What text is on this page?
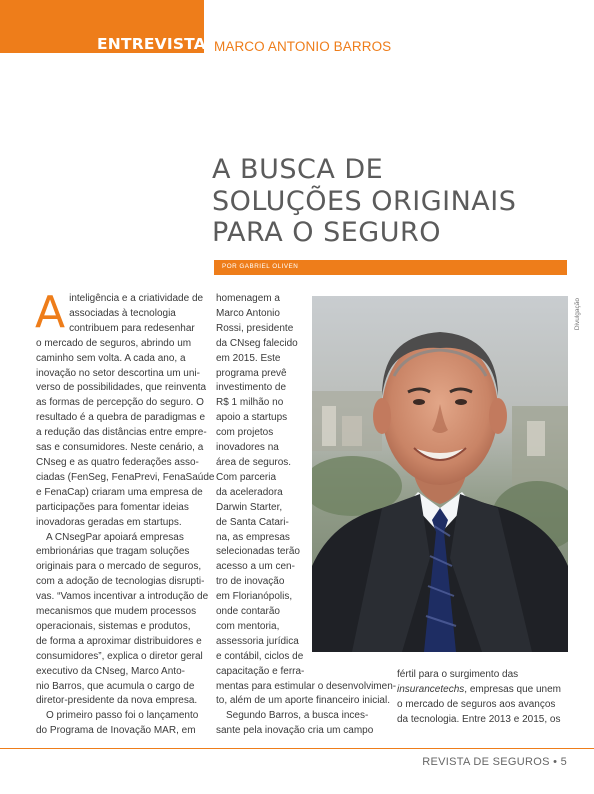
ENTREVISTA MARCO ANTONIO BARROS
A BUSCA DE
SOLUÇÕES ORIGINAIS
PARA O SEGURO
POR GABRIEL OLIVEN

A inteligência e a criatividade de associadas à tecnologia
contribuem para redesenhar
o mercado de seguros, abrindo um
caminho sem volta. A cada ano, a
inovação no setor descortina um uni-
verso de possibilidades, que reinventa
as formas de percepção do seguro. O
resultado é a quebra de paradigmas e
a redução das distâncias entre empre-
sas e consumidores. Neste cenário, a
CNseg e as quatro federações asso-
ciadas (FenSeg, FenaPrevi, FenaSaúde
e FenaCap) criaram uma empresa de
participações para fomentar ideias
inovadoras geradas em startups.

A CNsegPar apoiará empresas

embrionárias que tragam soluções
originais para o mercado de seguros,
com a adoção de tecnologias disrupti-
vas. “Vamos incentivar a introdução de
mecanismos que mudem processos
operacionais, sistemas e produtos,
de forma a aproximar distribuidores e
consumidores”, explica o diretor geral
executivo da CNseg, Marco Anto-
nio Barros, que acumula o cargo de
diretor-presidente da nova empresa.

O primeiro passo foi o lançamento

do Programa de Inovação MAR, em

homenagem a
Marco Antonio
Rossi, presidente
da CNseg falecido
em 2015. Este
programa prevê
investimento de
R$ 1 milhão no
apoio a startups
com projetos
inovadores na
área de seguros.
Com parceria
da aceleradora
Darwin Starter,
de Santa Catari-
na, as empresas
selecionadas terão
acesso a um cen-
tro de inovação
em Florianópolis,
onde contarão
com mentoria,
assessoria jurídica
e contábil, ciclos de
capacitação e ferra-
mentas para estimular o desenvolvimen-
to, além de um aporte financeiro inicial.

Segundo Barros, a busca inces-

sante pela inovação cria um campo

fértil para o surgimento das
insurancetechs, empresas que unem
o mercado de seguros aos avanços
da tecnologia. Entre 2013 e 2015, os
Divulgação
REVISTA DE SEGUROS • 5
